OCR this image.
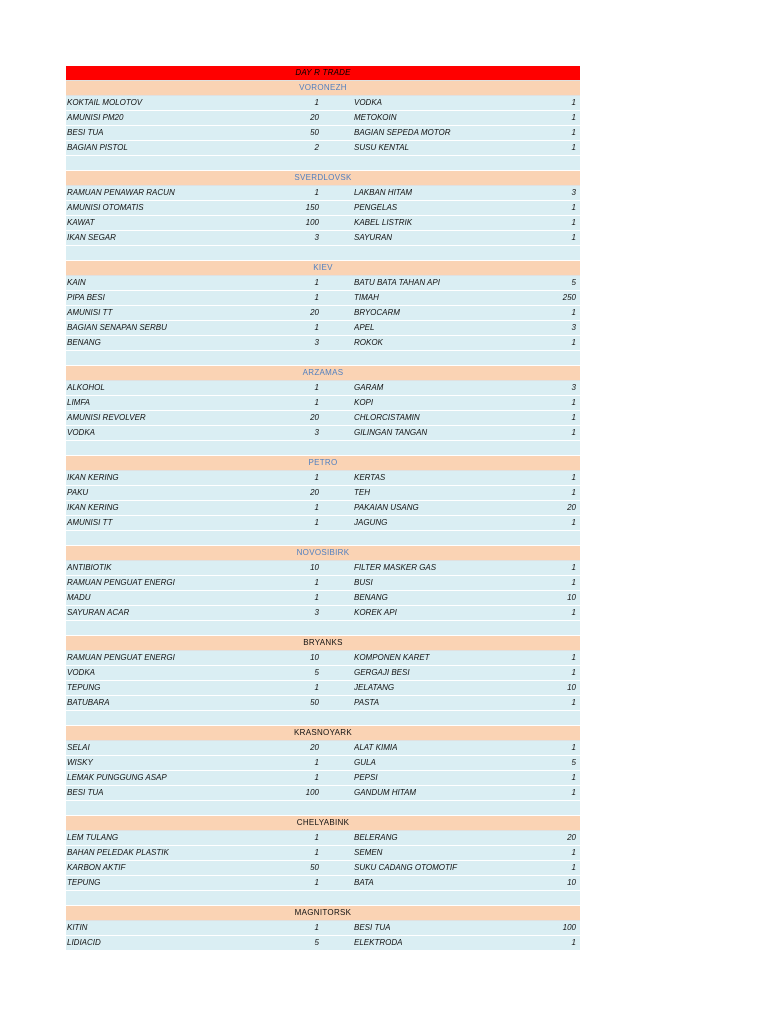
DAY R TRADE
VORONEZH
KOKTAIL MOLOTOV	1	VODKA	1
AMUNISI PM20	20	METOKOIN	1
BESI TUA	50	BAGIAN SEPEDA MOTOR	1
BAGIAN PISTOL	2	SUSU KENTAL	1
SVERDLOVSK
RAMUAN PENAWAR RACUN	1	LAKBAN HITAM	3
AMUNISI OTOMATIS	150	PENGELAS	1
KAWAT	100	KABEL LISTRIK	1
IKAN SEGAR	3	SAYURAN	1
KIEV
KAIN	1	BATU BATA TAHAN API	5
PIPA BESI	1	TIMAH	250
AMUNISI TT	20	BRYOCARM	1
BAGIAN SENAPAN SERBU	1	APEL	3
BENANG	3	ROKOK	1
ARZAMAS
ALKOHOL	1	GARAM	3
LIMFA	1	KOPI	1
AMUNISI REVOLVER	20	CHLORCISTAMIN	1
VODKA	3	GILINGAN TANGAN	1
PETRO
IKAN KERING	1	KERTAS	1
PAKU	20	TEH	1
IKAN KERING	1	PAKAIAN USANG	20
AMUNISI TT	1	JAGUNG	1
NOVOSIBIRK
ANTIBIOTIK	10	FILTER MASKER GAS	1
RAMUAN PENGUAT ENERGI	1	BUSI	1
MADU	1	BENANG	10
SAYURAN ACAR	3	KOREK API	1
BRYANKS
RAMUAN PENGUAT ENERGI	10	KOMPONEN KARET	1
VODKA	5	GERGAJI BESI	1
TEPUNG	1	JELATANG	10
BATUBARA	50	PASTA	1
KRASNOYARK
SELAI	20	ALAT KIMIA	1
WISKY	1	GULA	5
LEMAK PUNGGUNG ASAP	1	PEPSI	1
BESI TUA	100	GANDUM HITAM	1
CHELYABINK
LEM TULANG	1	BELERANG	20
BAHAN PELEDAK PLASTIK	1	SEMEN	1
KARBON AKTIF	50	SUKU CADANG OTOMOTIF	1
TEPUNG	1	BATA	10
MAGNITORSK
KITIN	1	BESI TUA	100
LIDIACID	5	ELEKTRODA	1
